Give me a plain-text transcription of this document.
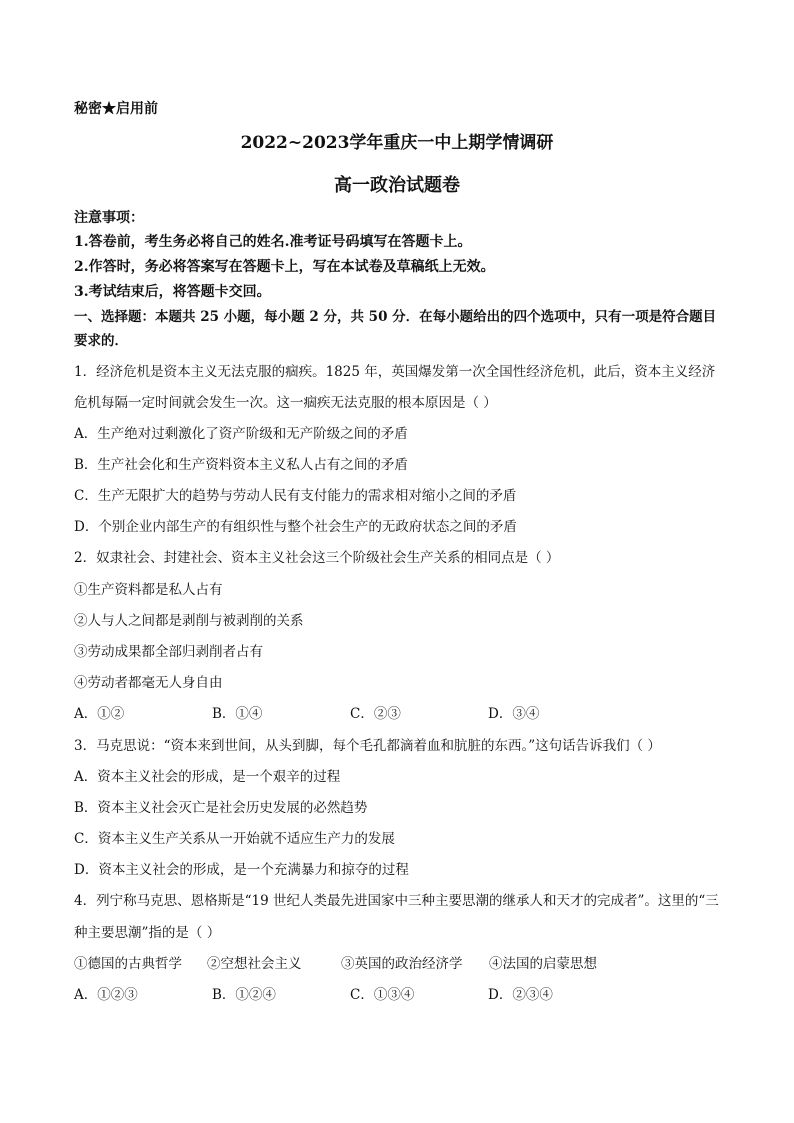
秘密★启用前
2022~2023学年重庆一中上期学情调研
高一政治试题卷
注意事项：
1.答卷前，考生务必将自己的姓名.准考证号码填写在答题卡上。
2.作答时，务必将答案写在答题卡上，写在本试卷及草稿纸上无效。
3.考试结束后，将答题卡交回。
一、选择题：本题共 25 小题，每小题 2 分，共 50 分．在每小题给出的四个选项中，只有一项是符合题目
要求的．
1．经济危机是资本主义无法克服的痼疾。1825 年，英国爆发第一次全国性经济危机，此后，资本主义经济
危机每隔一定时间就会发生一次。这一痼疾无法克服的根本原因是（ ）
A．生产绝对过剩激化了资产阶级和无产阶级之间的矛盾
B．生产社会化和生产资料资本主义私人占有之间的矛盾
C．生产无限扩大的趋势与劳动人民有支付能力的需求相对缩小之间的矛盾
D．个别企业内部生产的有组织性与整个社会生产的无政府状态之间的矛盾
2．奴隶社会、封建社会、资本主义社会这三个阶级社会生产关系的相同点是（ ）
①生产资料都是私人占有
②人与人之间都是剥削与被剥削的关系
③劳动成果都全部归剥削者占有
④劳动者都毫无人身自由
A．①②	B．①④	C．②③	D．③④
3．马克思说：“资本来到世间，从头到脚，每个毛孔都滴着血和肮脏的东西。”这句话告诉我们（ ）
A．资本主义社会的形成，是一个艰辛的过程
B．资本主义社会灭亡是社会历史发展的必然趋势
C．资本主义生产关系从一开始就不适应生产力的发展
D．资本主义社会的形成，是一个充满暴力和掠夺的过程
4．列宁称马克思、恩格斯是“19 世纪人类最先进国家中三种主要思潮的继承人和天才的完成者”。这里的“三
种主要思潮”指的是（ ）
①德国的古典哲学	②空想社会主义	③英国的政治经济学	④法国的启蒙思想
A．①②③	B．①②④	C．①③④	D．②③④
